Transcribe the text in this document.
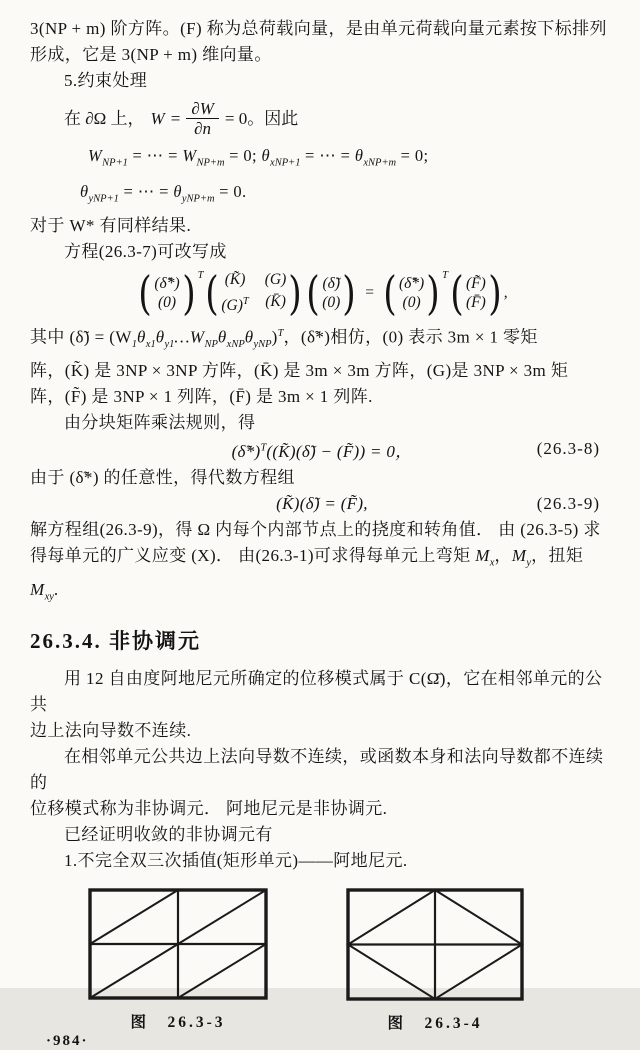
3(NP + m) 阶方阵。(F) 称为总荷载向量，是由单元荷载向量元素按下标排列

形成，它是 3(NP + m) 维向量。

5.约束处理

在 ∂Ω 上， $W = \frac{\partial W}{\partial n} = 0$。因此

$W_{NP+1}$ = ⋯ = $W_{NP+m} = 0$; $\theta_{xNP+1}$ = ⋯ = $\theta_{xNP+m} = 0$;

$\theta_{yNP+1}$ = ⋯ = $\theta_{yNP+m} = 0$.

对于 W* 有同样结果.

方程(26.3-7)可改写成

( (δ̃*)
(0) )$^T$ ( (K̃) (G)
$(G)^T$ (K̄) ) ( (δ̃)
(0) ) = ( (δ̃*)
(0) )$^T$ ( (F̃)
(F̄) ) ,

其中 (δ̃) = $(W_1\theta_{x1}\theta_{y1}\dots W_{NP}\theta_{xNP}\theta_{yNP})^T$，(δ̃*)相仿，(0) 表示 3m × 1 零矩

阵，(K̃) 是 3NP × 3NP 方阵，(K̄) 是 3m × 3m 方阵，(G)是 3NP × 3m 矩

阵，(F̃) 是 3NP × 1 列阵，(F̄) 是 3m × 1 列阵.

由分块矩阵乘法规则，得

(δ̃*)$^T$((K̃)(δ̃) − (F̃)) = 0，	(26.3-8)

由于 (δ̃*) 的任意性，得代数方程组

(K̃)(δ̃) = (F̃),	(26.3-9)

解方程组(26.3-9)，得 Ω 内每个内部节点上的挠度和转角值． 由 (26.3-5) 求

得每单元的广义应变 (X)． 由(26.3-1)可求得每单元上弯矩 $M_x$，$M_y$，扭矩

$M_{xy}$.

26.3.4. 非协调元

用 12 自由度阿地尼元所确定的位移模式属于 C(Ω̄)，它在相邻单元的公共

边上法向导数不连续.

在相邻单元公共边上法向导数不连续，或函数本身和法向导数都不连续的

位移模式称为非协调元． 阿地尼元是非协调元.

已经证明收敛的非协调元有

1.不完全双三次插值(矩形单元)——阿地尼元.

图　26.3-3	图　26.3-4
·984·
